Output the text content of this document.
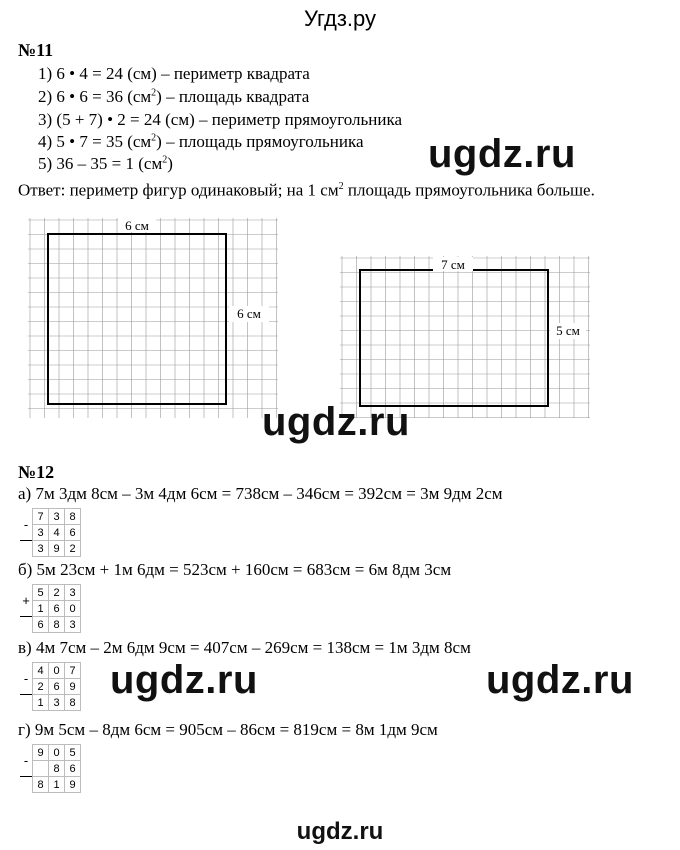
Угдз.ру
№11
1) 6 • 4 = 24 (см) – периметр квадрата
2) 6 • 6 = 36 $(см^2)$ – площадь квадрата
3) (5 + 7) • 2 = 24 (см) – периметр прямоугольника
4) 5 • 7 = 35 $(см^2)$ – площадь прямоугольника
5) 36 – 35 = 1 $(см^2)$	ugdz.ru
Ответ: периметр фигур одинаковый; на 1 $см^2$ площадь прямоугольника больше.
6 см
6 см
7 см
5 см
ugdz.ru
№12
а) 7м 3дм 8см – 3м 4дм 6см = 738см – 346см = 392см = 3м 9дм 2см
-	7	3	8
	3	4	6
	3	9	2
б) 5м 23см + 1м 6дм = 523см + 160см = 683см = 6м 8дм 3см
+	5	2	3
	1	6	0
	6	8	3
в) 4м 7см – 2м 6дм 9см = 407см – 269см = 138см = 1м 3дм 8см
-	4	0	7
	2	6	9
	1	3	8
ugdz.ru	ugdz.ru
г) 9м 5см – 8дм 6см = 905см – 86см = 819см = 8м 1дм 9см
-	9	0	5
		8	6
	8	1	9
ugdz.ru
